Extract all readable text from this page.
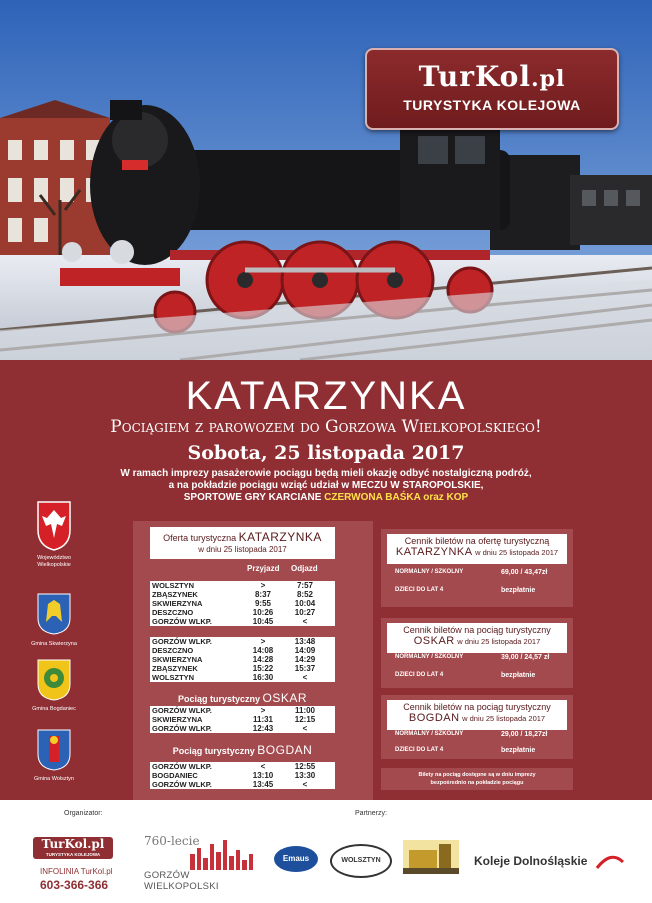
TurKol.pl
TURYSTYKA KOLEJOWA
KATARZYNKA
Pociągiem z parowozem do Gorzowa Wielkopolskiego!
Sobota, 25 listopada 2017
W ramach imprezy pasażerowie pociągu będą mieli okazję odbyć nostalgiczną podróż,
a na pokładzie pociągu wziąć udział w MECZU W STAROPOLSKIE,
SPORTOWE GRY KARCIANE CZERWONA BAŚKA oraz KOP
Województwo Wielkopolskie
Gmina Skwierzyna
Gmina Bogdaniec
Gmina Wolsztyn
Oferta turystyczna KATARZYNKA
w dniu 25 listopada 2017
Przyjazd Odjazd
WOLSZTYN	>	7:57
ZBĄSZYNEK	8:37	8:52
SKWIERZYNA	9:55	10:04
DESZCZNO	10:26	10:27
GORZÓW WLKP.	10:45	<
GORZÓW WLKP.	>	13:48
DESZCZNO	14:08	14:09
SKWIERZYNA	14:28	14:29
ZBĄSZYNEK	15:22	15:37
WOLSZTYN	16:30	<
Pociąg turystyczny OSKAR
GORZÓW WLKP.	>	11:00
SKWIERZYNA	11:31	12:15
GORZÓW WLKP.	12:43	<
Pociąg turystyczny BOGDAN
GORZÓW WLKP.	<	12:55
BOGDANIEC	13:10	13:30
GORZÓW WLKP.	13:45	<
Cennik biletów na ofertę turystyczną
KATARZYNKA w dniu 25 listopada 2017
NORMALNY / SZKOLNY	69,00 / 43,47zł
DZIECI DO LAT 4	bezpłatnie
Cennik biletów na pociąg turystyczny
OSKAR w dniu 25 listopada 2017
NORMALNY / SZKOLNY	39,00 / 24,57 zł
DZIECI DO LAT 4	bezpłatnie
Cennik biletów na pociąg turystyczny
BOGDAN w dniu 25 listopada 2017
NORMALNY / SZKOLNY	29,00 / 18,27zł
DZIECI DO LAT 4	bezpłatnie
Bilety na pociąg dostępne są w dniu imprezy
bezpośrednio na pokładzie pociągu
Organizator:	Partnerzy:
TurKol.pl
TURYSTYKA KOLEJOWA
INFOLINIA TurKol.pl
603-366-366
760-lecie
GORZÓW WIELKOPOLSKI
Emaus	WOLSZTYN	Koleje Dolnośląskie
